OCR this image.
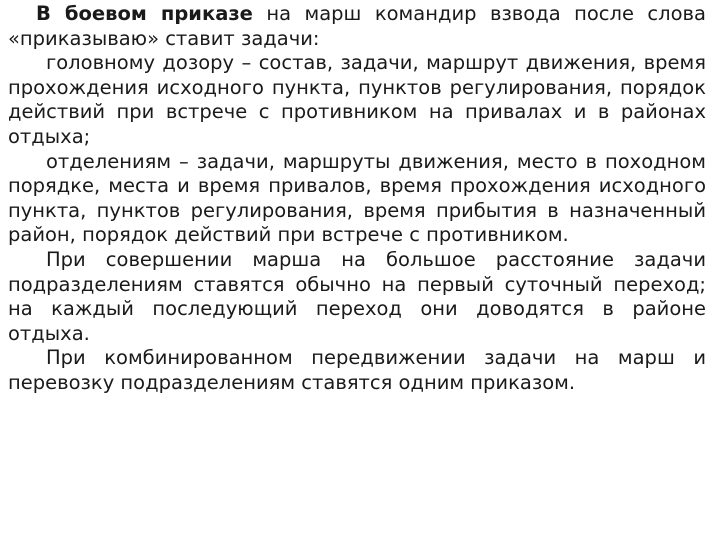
В боевом приказе на марш командир взвода после слова «приказываю» ставит задачи:

головному дозору – состав, задачи, маршрут движения, время прохождения исходного пункта, пунктов регулирования, порядок действий при встрече с противником на привалах и в районах отдыха;

отделениям – задачи, маршруты движения, место в походном порядке, места и время привалов, время прохождения исходного пункта, пунктов регулирования, время прибытия в назначенный район, порядок действий при встрече с противником.

При совершении марша на большое расстояние задачи подразделениям ставятся обычно на первый суточный переход; на каждый последующий переход они доводятся в районе отдыха.

При комбинированном передвижении задачи на марш и перевозку подразделениям ставятся одним приказом.
